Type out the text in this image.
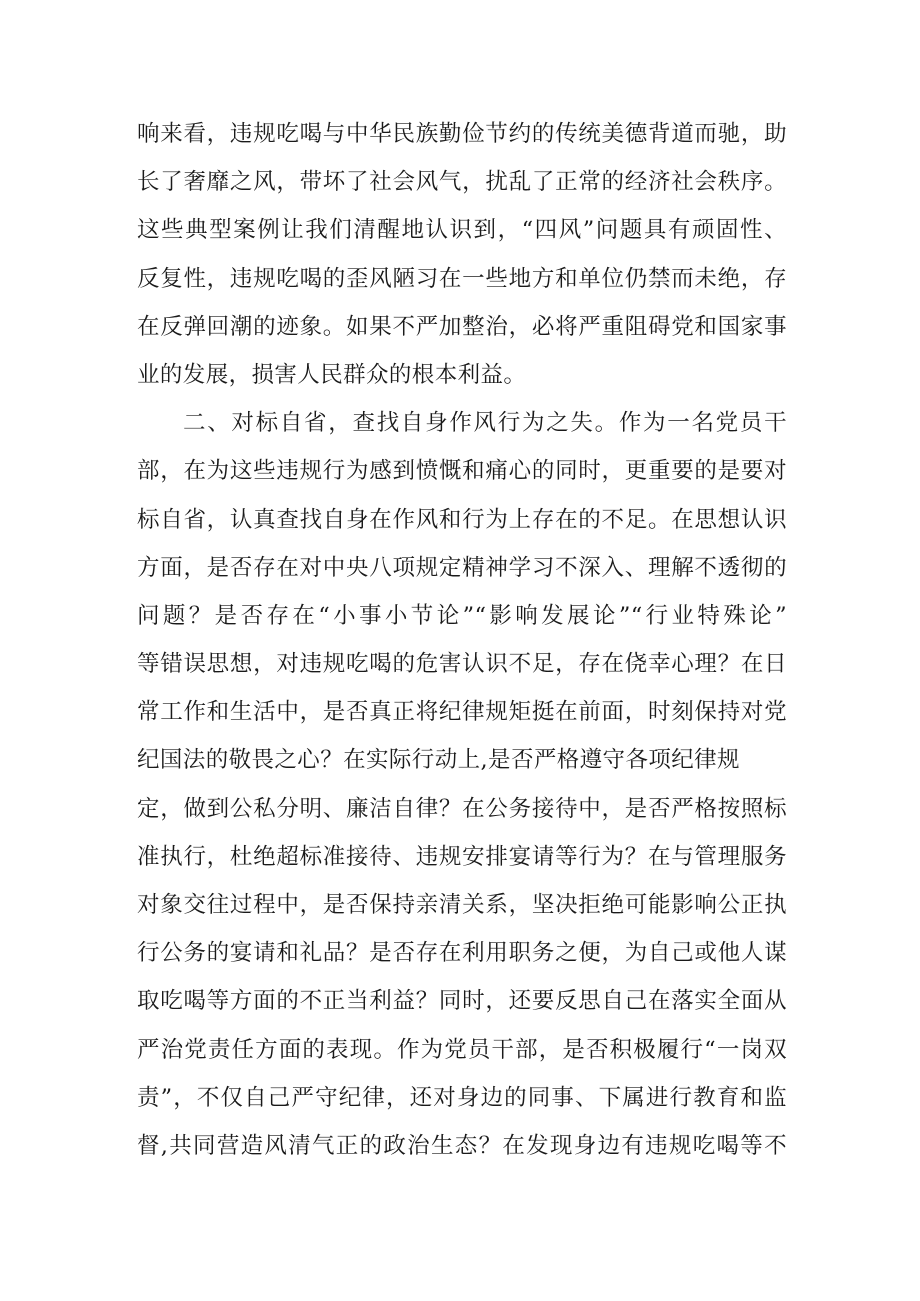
响来看，违规吃喝与中华民族勤俭节约的传统美德背道而驰，助
长了奢靡之风，带坏了社会风气，扰乱了正常的经济社会秩序。
这些典型案例让我们清醒地认识到，“四风”问题具有顽固性、
反复性，违规吃喝的歪风陋习在一些地方和单位仍禁而未绝，存
在反弹回潮的迹象。如果不严加整治，必将严重阻碍党和国家事
业的发展，损害人民群众的根本利益。
二、对标自省，查找自身作风行为之失。作为一名党员干
部，在为这些违规行为感到愤慨和痛心的同时，更重要的是要对
标自省，认真查找自身在作风和行为上存在的不足。在思想认识
方面，是否存在对中央八项规定精神学习不深入、理解不透彻的
问题？是否存在“小事小节论”“影响发展论”“行业特殊论”
等错误思想，对违规吃喝的危害认识不足，存在侥幸心理？在日
常工作和生活中，是否真正将纪律规矩挺在前面，时刻保持对党
纪国法的敬畏之心？在实际行动上,是否严格遵守各项纪律规
定，做到公私分明、廉洁自律？在公务接待中，是否严格按照标
准执行，杜绝超标准接待、违规安排宴请等行为？在与管理服务
对象交往过程中，是否保持亲清关系，坚决拒绝可能影响公正执
行公务的宴请和礼品？是否存在利用职务之便，为自己或他人谋
取吃喝等方面的不正当利益？同时，还要反思自己在落实全面从
严治党责任方面的表现。作为党员干部，是否积极履行“一岗双
责”，不仅自己严守纪律，还对身边的同事、下属进行教育和监
督,共同营造风清气正的政治生态？在发现身边有违规吃喝等不
